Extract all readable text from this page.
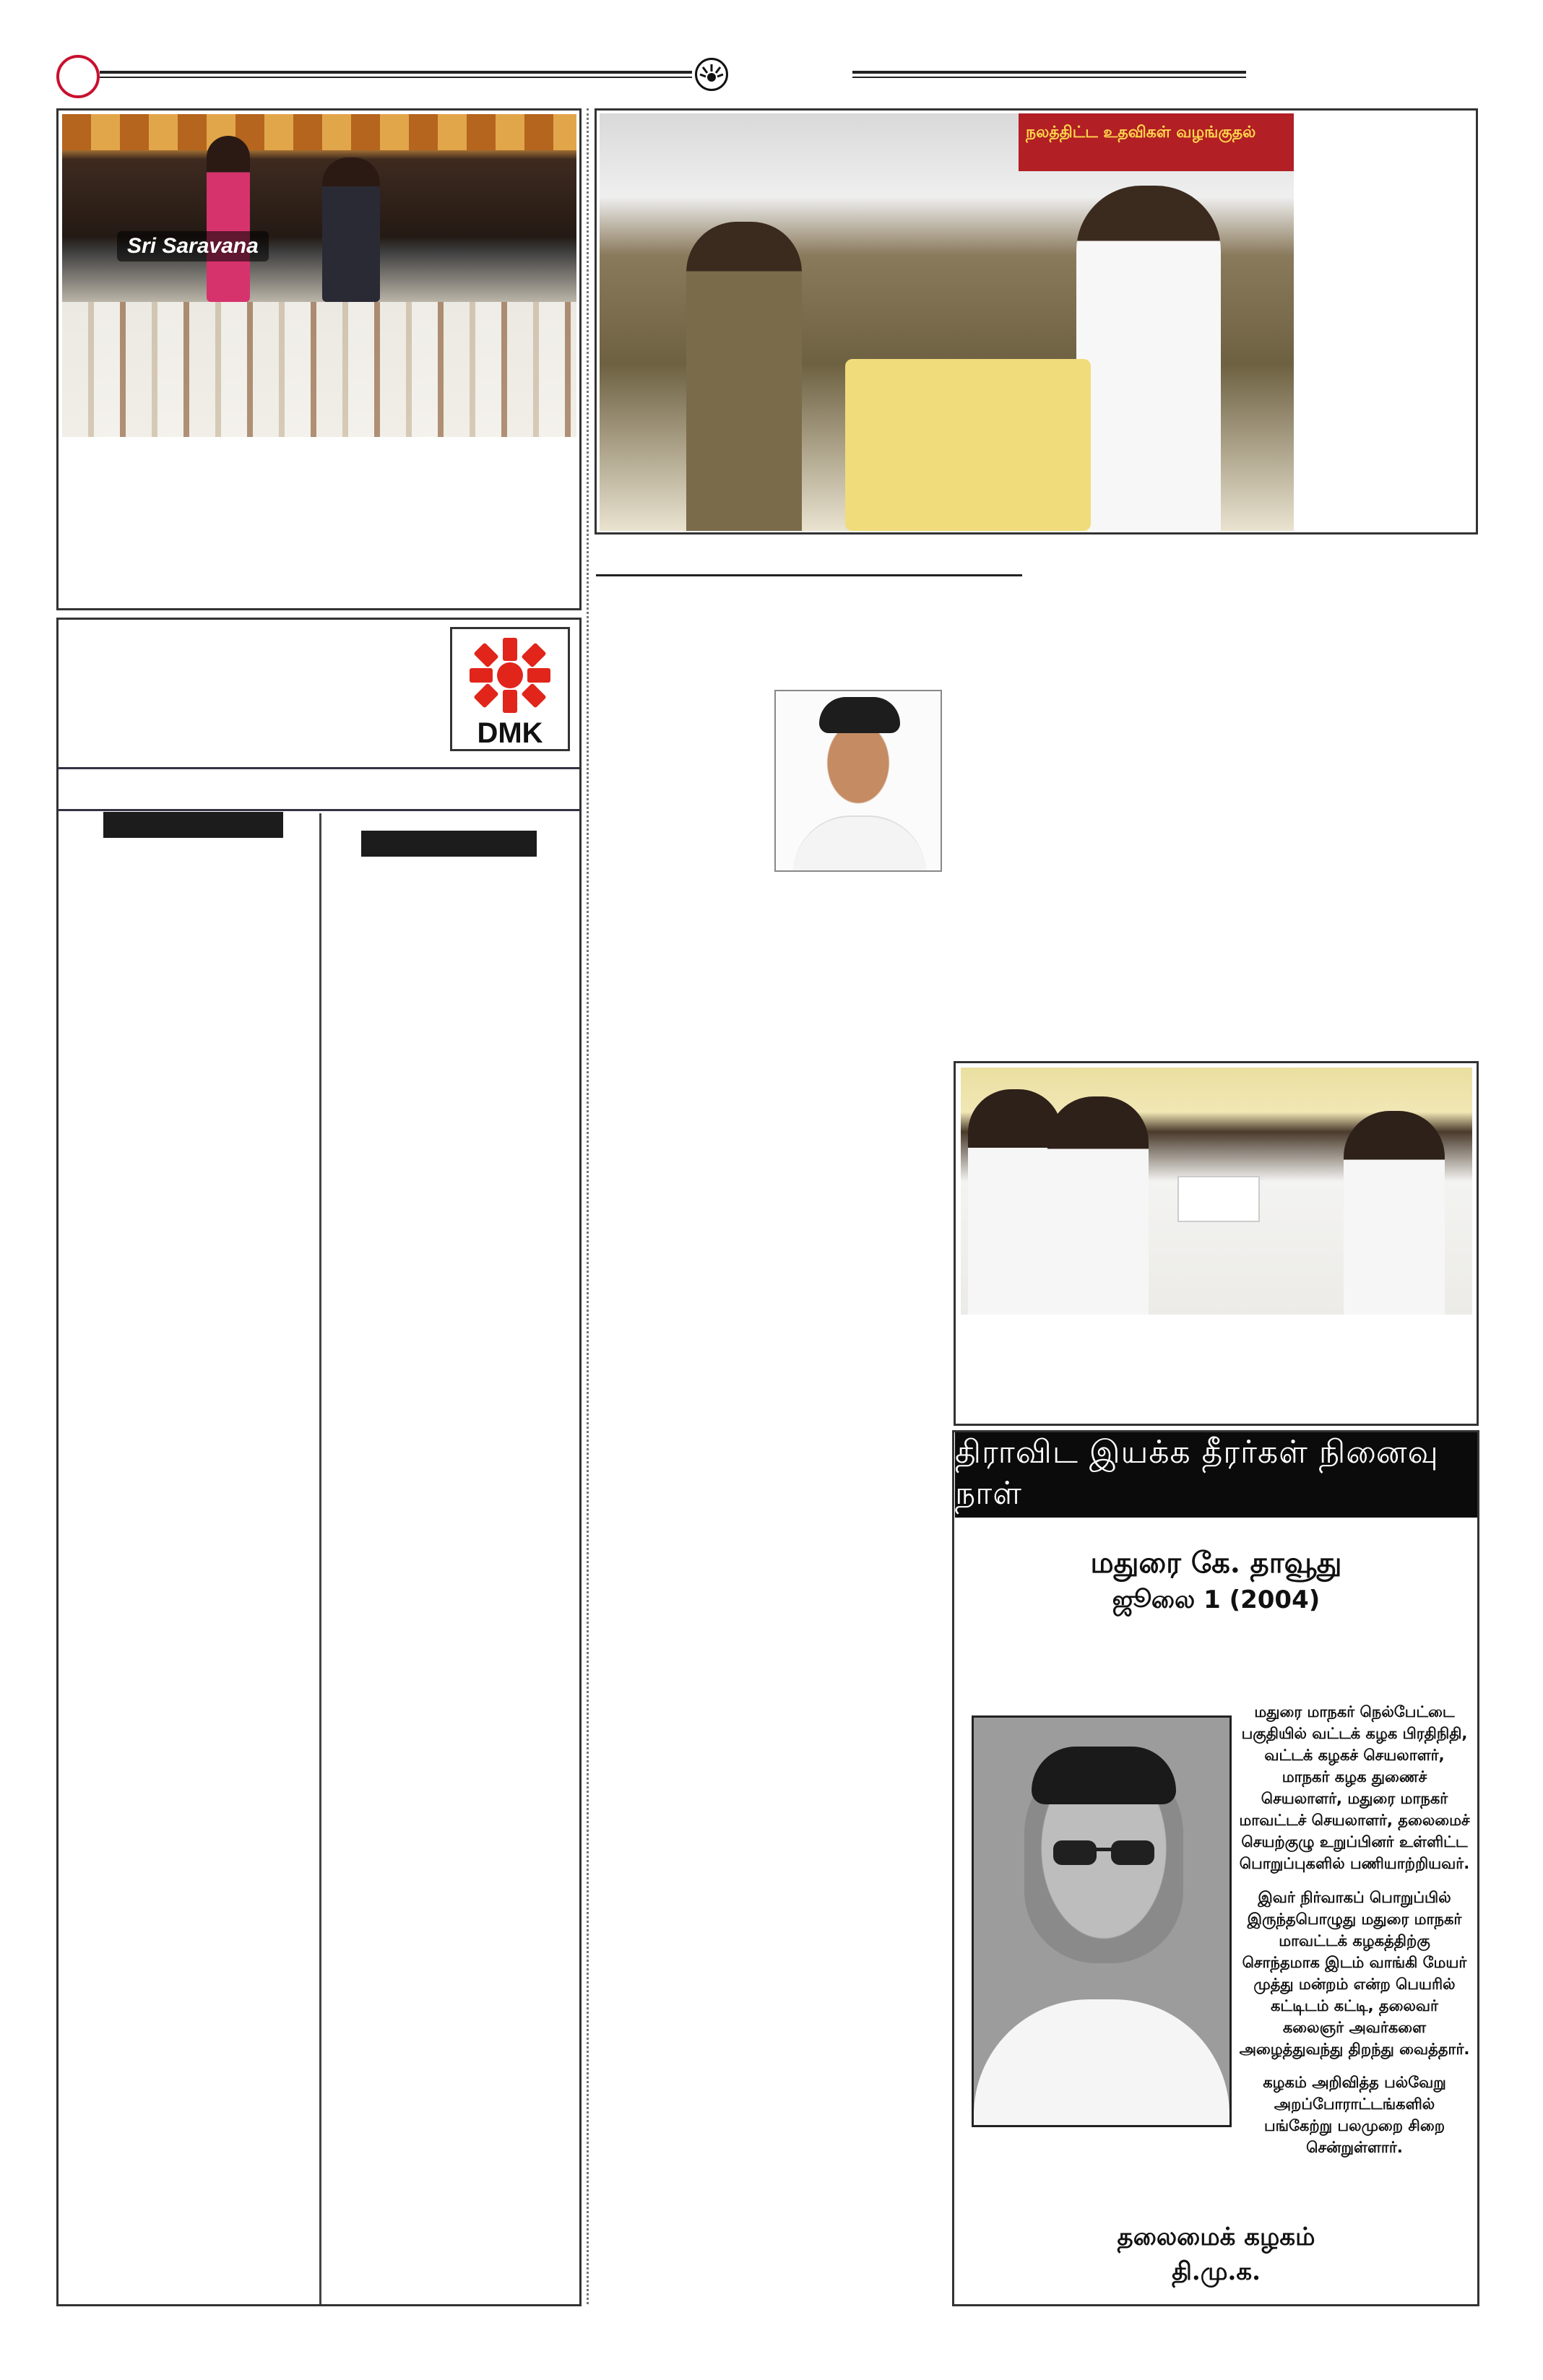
Sri Saravana
நலத்திட்ட உதவிகள் வழங்குதல்
DMK
திராவிட இயக்க தீரர்கள் நினைவு நாள்
மதுரை கே. தாவூது
ஜூலை 1 (2004)
மதுரை மாநகர் நெல்பேட்டை பகுதியில் வட்டக் கழக பிரதிநிதி, வட்டக் கழகச் செயலாளர், மாநகர் கழக துணைச் செயலாளர், மதுரை மாநகர் மாவட்டச் செயலாளர், தலைமைச் செயற்குழு உறுப்பினர் உள்ளிட்ட பொறுப்புகளில் பணியாற்றியவர்.
இவர் நிர்வாகப் பொறுப்பில் இருந்தபொழுது மதுரை மாநகர் மாவட்டக் கழகத்திற்கு சொந்தமாக இடம் வாங்கி மேயர் முத்து மன்றம் என்ற பெயரில் கட்டிடம் கட்டி, தலைவர் கலைஞர் அவர்களை அழைத்துவந்து திறந்து வைத்தார்.
கழகம் அறிவித்த பல்வேறு அறப்போராட்டங்களில் பங்கேற்று பலமுறை சிறை சென்றுள்ளார்.
தலைமைக் கழகம்
தி.மு.க.
